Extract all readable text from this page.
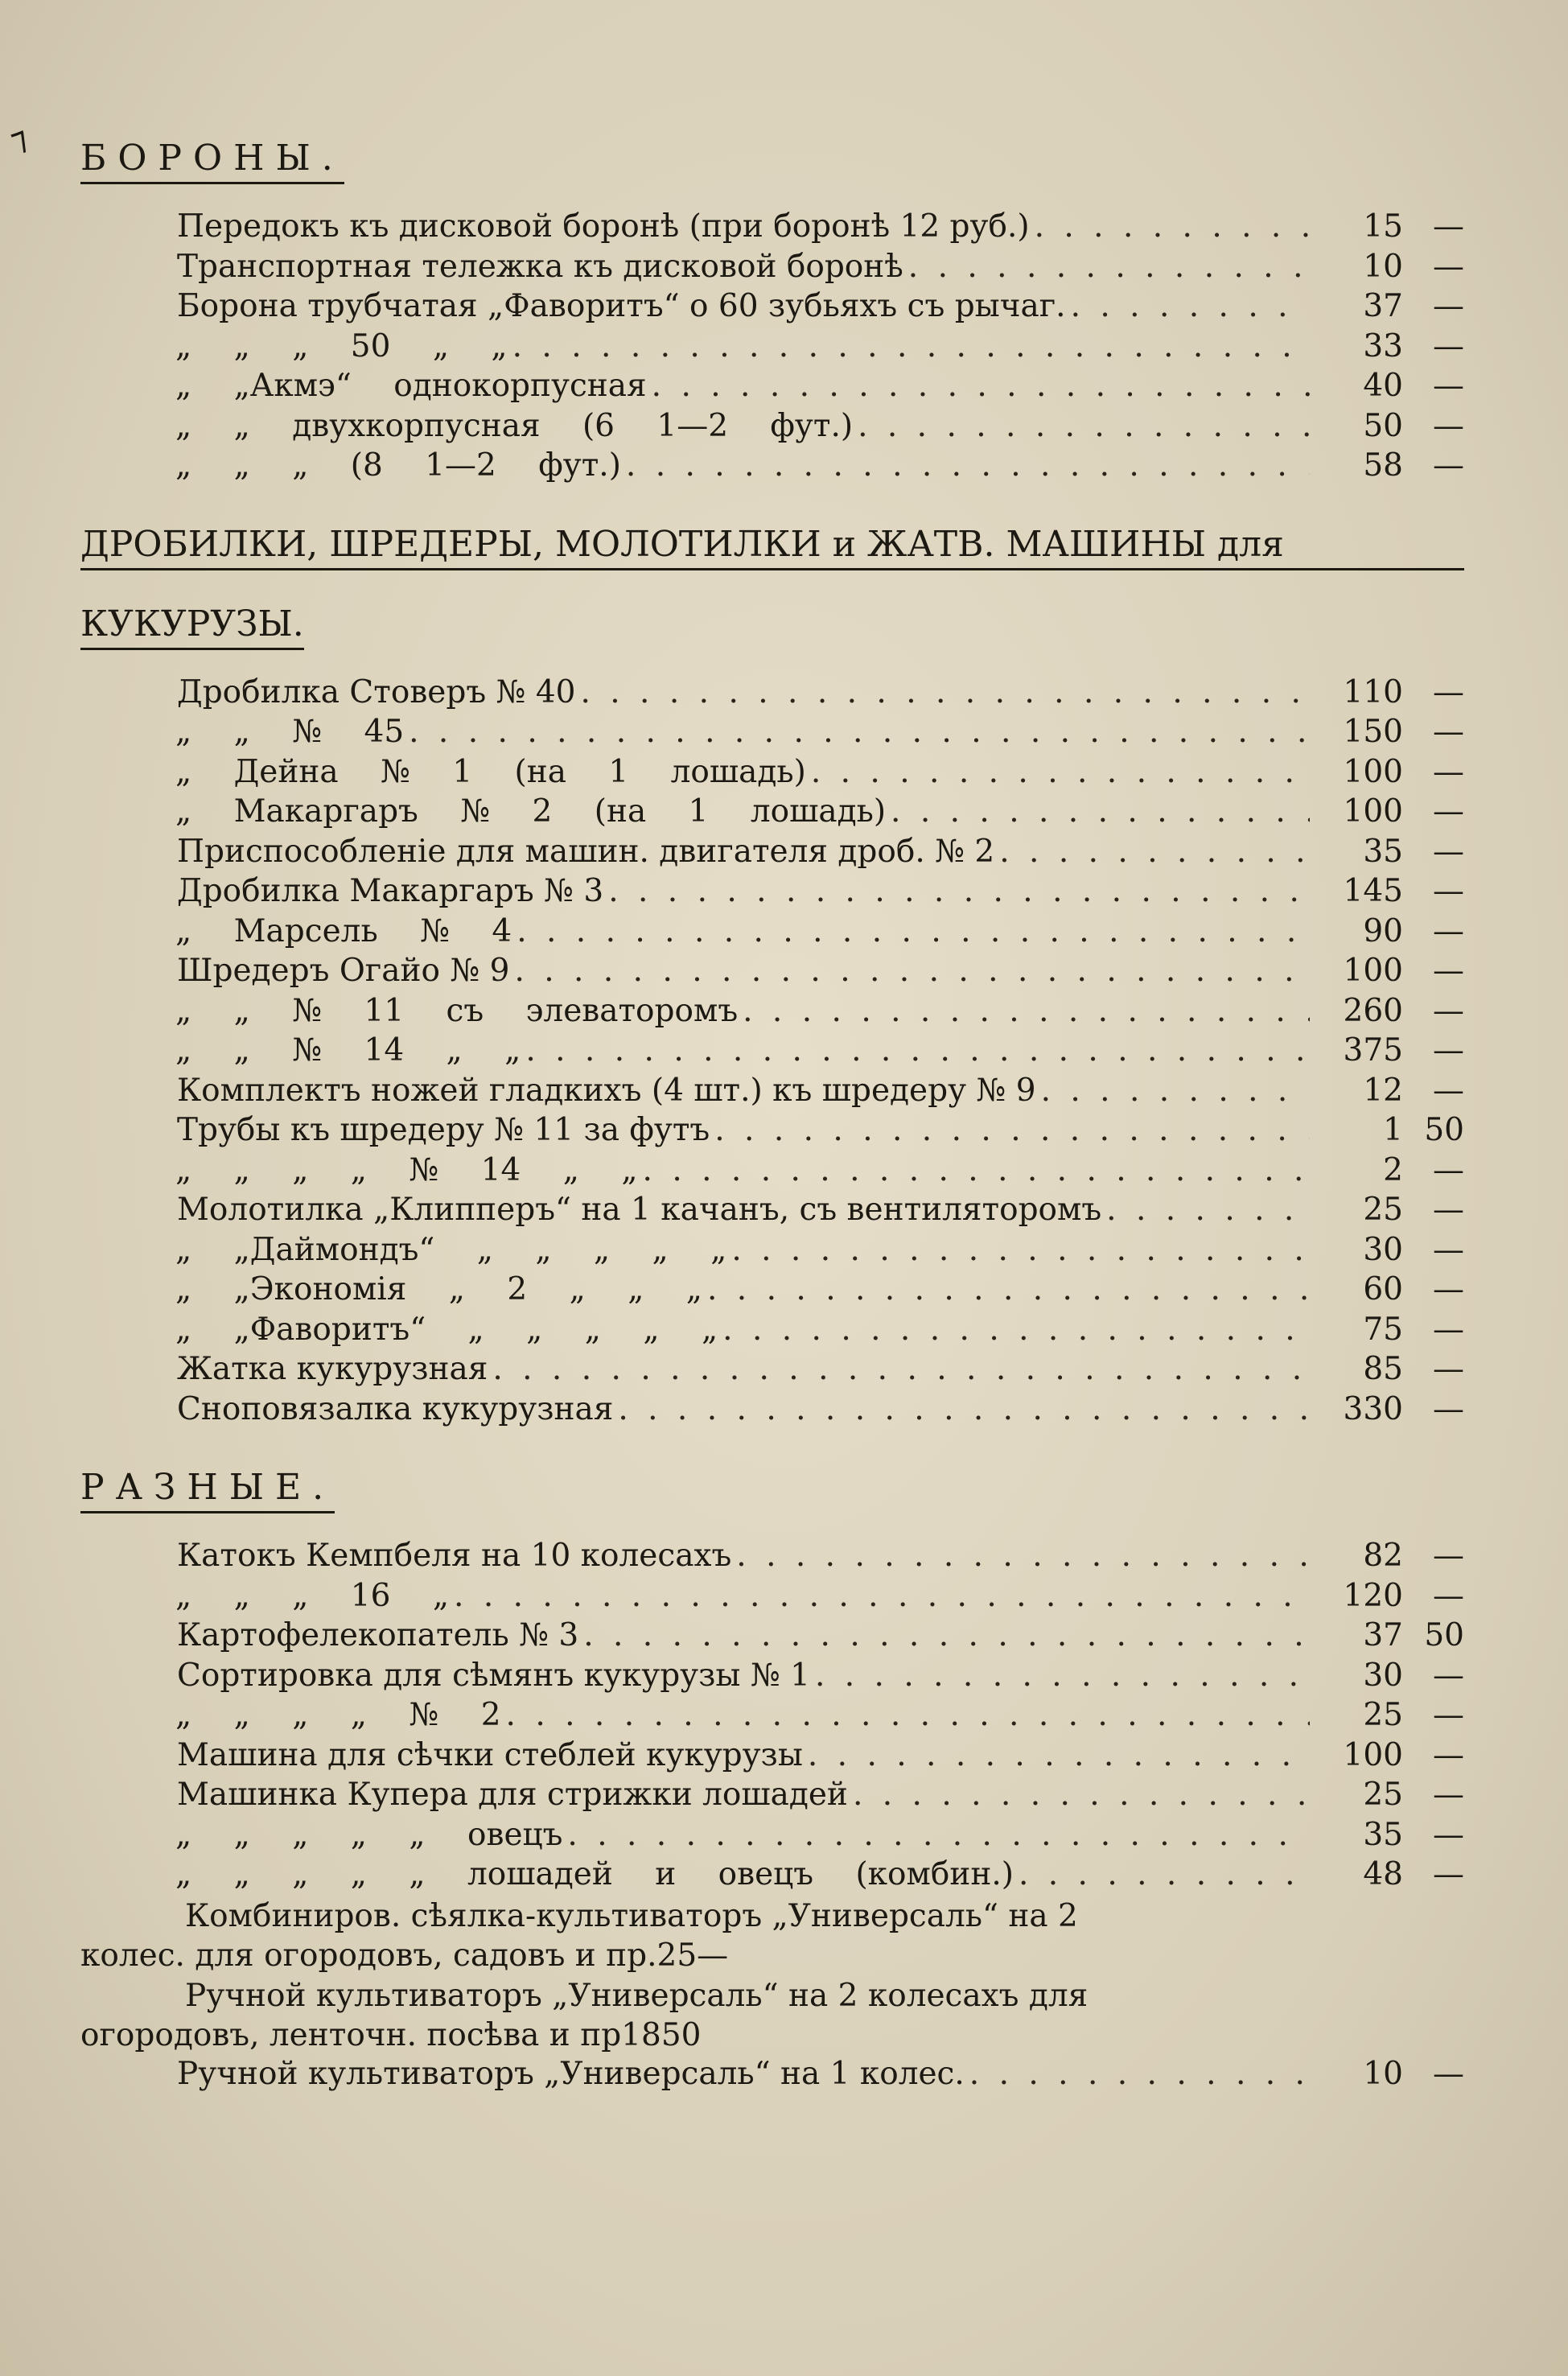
⁊ БОРОНЫ.
Передокъ къ дисковой боронѣ (при боронѣ 12 руб.) . . .	15 —
Транспортная тележка къ дисковой боронѣ . . .	10 —
Борона трубчатая „Фаворитъ“ о 60 зубьяхъ съ рычаг. . . .	37 —
„ „ „ 50 „ „ . . .	33 —
„ „Акмэ“ однокорпусная . . .	40 —
„ „ двухкорпусная (6 1—2 фут.) . . .	50 —
„ „ „ (8 1—2 фут.) . . .	58 —
ДРОБИЛКИ, ШРЕДЕРЫ, МОЛОТИЛКИ и ЖАТВ. МАШИНЫ для
КУКУРУЗЫ.
Дробилка Стоверъ № 40 . . .	110 —
„ „ № 45 . . .	150 —
„ Дейна № 1 (на 1 лошадь) . . .	100 —
„ Макаргаръ № 2 (на 1 лошадь) . . .	100 —
Приспособленіе для машин. двигателя дроб. № 2 . . .	35 —
Дробилка Макаргаръ № 3 . . .	145 —
„ Марсель № 4 . . .	90 —
Шредеръ Огайо № 9 . . .	100 —
„ „ № 11 съ элеваторомъ . . .	260 —
„ „ № 14 „ „ . . .	375 —
Комплектъ ножей гладкихъ (4 шт.) къ шредеру № 9 . . .	12 —
Трубы къ шредеру № 11 за футъ . . .	1 50
„ „ „ „ № 14 „ „ . . .	2 —
Молотилка „Клипперъ“ на 1 качанъ, съ вентиляторомъ . . .	25 —
„ „Даймондъ“ „ „ „ „ „ . . .	30 —
„ „Экономія „ 2 „ „ „ . . .	60 —
„ „Фаворитъ“ „ „ „ „ „ . . .	75 —
Жатка кукурузная . . .	85 —
Сноповязалка кукурузная . . .	330 —
РАЗНЫЕ.
Катокъ Кемпбеля на 10 колесахъ . . .	82 —
„ „ „ 16 „ . . .	120 —
Картофелекопатель № 3 . . .	37 50
Сортировка для сѣмянъ кукурузы № 1 . . .	30 —
„ „ „ „ № 2 . . .	25 —
Машина для сѣчки стеблей кукурузы . . .	100 —
Машинка Купера для стрижки лошадей . . .	25 —
„ „ „ „ „ овецъ . . .	35 —
„ „ „ „ „ лошадей и овецъ (комбин.) . . .	48 —
Комбиниров. сѣялка-культиваторъ „Универсаль“ на 2
колес. для огородовъ, садовъ и пр. 25 —
Ручной культиваторъ „Универсаль“ на 2 колесахъ для
огородовъ, ленточн. посѣва и пр 18 50
Ручной культиваторъ „Универсаль“ на 1 колес. . . .	10 —
